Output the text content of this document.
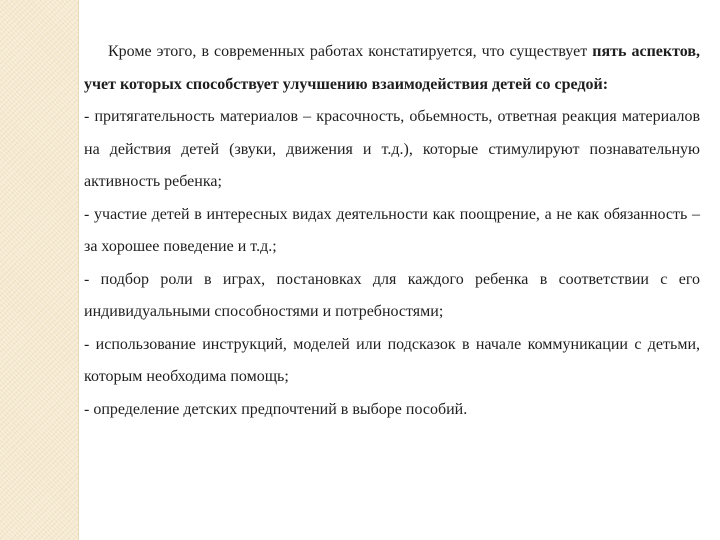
Кроме этого, в современных работах констатируется, что существует пять аспектов, учет которых способствует улучшению взаимодействия детей со средой:

- притягательность материалов – красочность, обьемность, ответная реакция материалов на действия детей (звуки, движения и т.д.), которые стимулируют познавательную активность ребенка;

- участие детей в интересных видах деятельности как поощрение, а не как обязанность – за хорошее поведение и т.д.;

- подбор роли в играх, постановках для каждого ребенка в соответствии с его индивидуальными способностями и потребностями;

- использование инструкций, моделей или подсказок в начале коммуникации с детьми, которым необходима помощь;

- определение детских предпочтений в выборе пособий.
